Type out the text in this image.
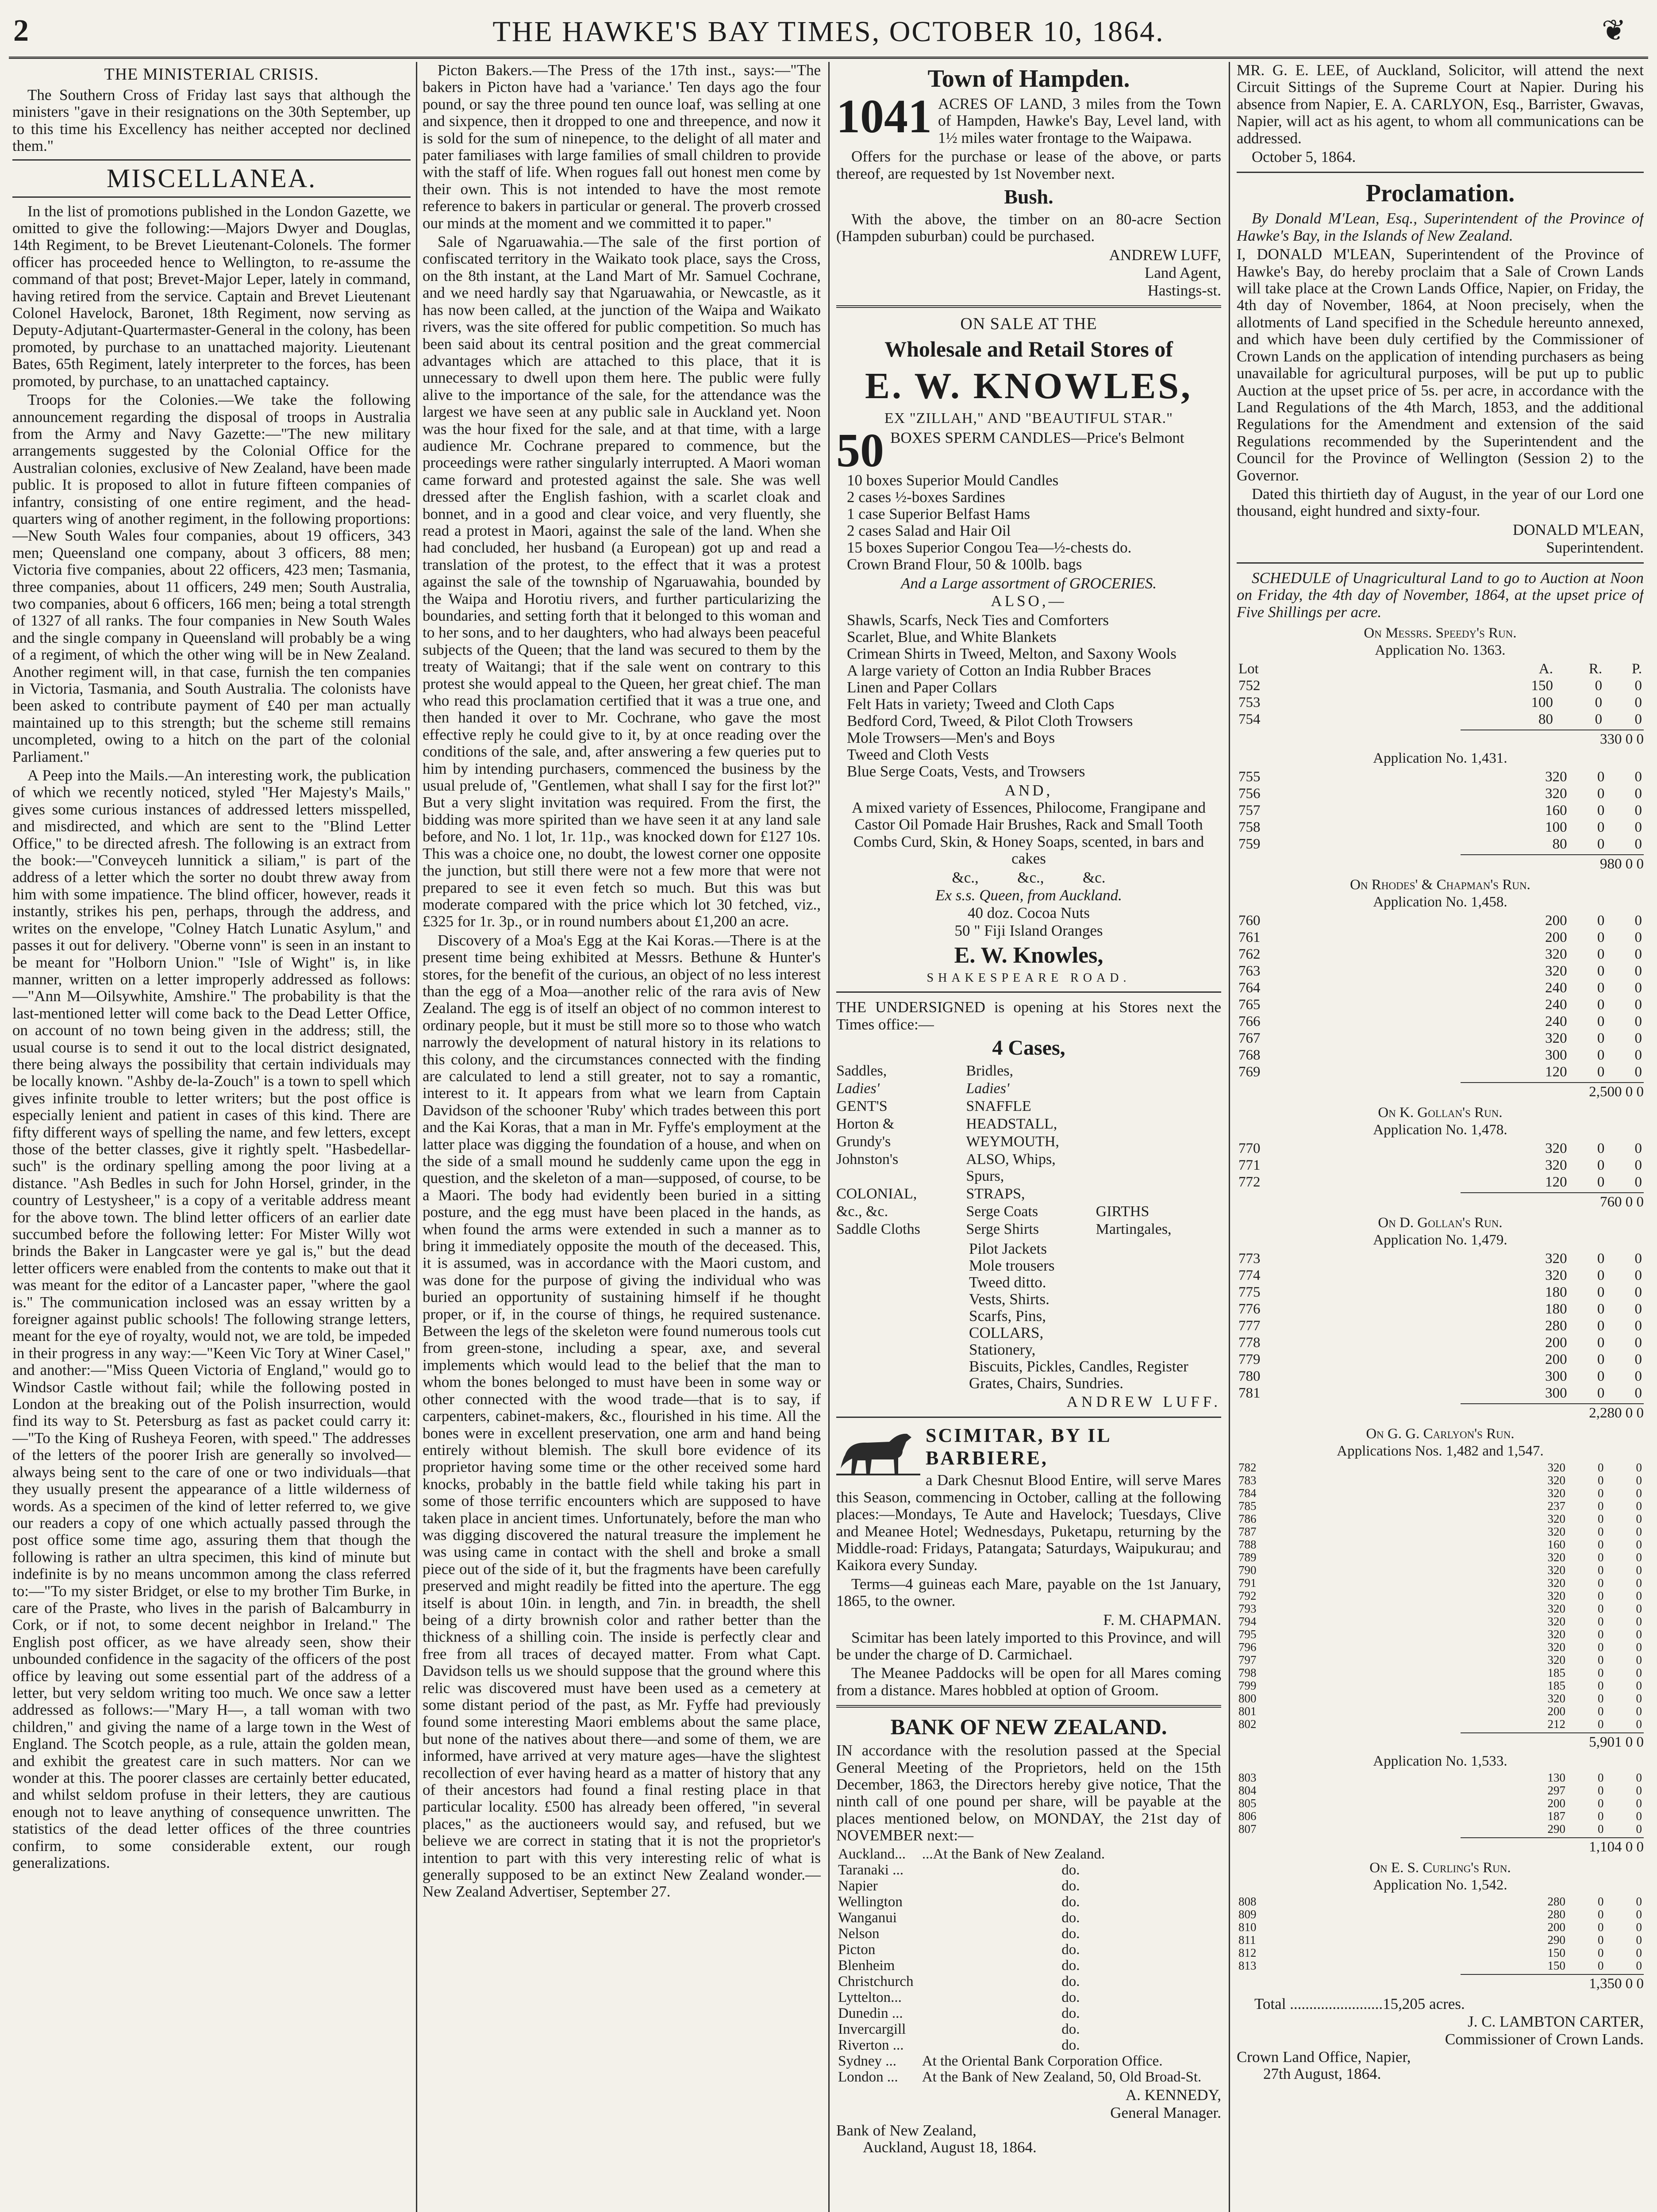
2	THE HAWKE'S BAY TIMES, OCTOBER 10, 1864.	❦
THE MINISTERIAL CRISIS.

The Southern Cross of Friday last says that although the ministers "gave in their resignations on the 30th September, up to this time his Excellency has neither accepted nor declined them."

MISCELLANEA.

In the list of promotions published in the London Gazette, we omitted to give the following:—Majors Dwyer and Douglas, 14th Regiment, to be Brevet Lieutenant-Colonels. The former officer has proceeded hence to Wellington, to re-assume the command of that post; Brevet-Major Leper, lately in command, having retired from the service. Captain and Brevet Lieutenant Colonel Havelock, Baronet, 18th Regiment, now serving as Deputy-Adjutant-Quartermaster-General in the colony, has been promoted, by purchase to an unattached majority. Lieutenant Bates, 65th Regiment, lately interpreter to the forces, has been promoted, by purchase, to an unattached captaincy.

Troops for the Colonies.—We take the following announcement regarding the disposal of troops in Australia from the Army and Navy Gazette:—"The new military arrangements suggested by the Colonial Office for the Australian colonies, exclusive of New Zealand, have been made public. It is proposed to allot in future fifteen companies of infantry, consisting of one entire regiment, and the head-quarters wing of another regiment, in the following proportions:—New South Wales four companies, about 19 officers, 343 men; Queensland one company, about 3 officers, 88 men; Victoria five companies, about 22 officers, 423 men; Tasmania, three companies, about 11 officers, 249 men; South Australia, two companies, about 6 officers, 166 men; being a total strength of 1327 of all ranks. The four companies in New South Wales and the single company in Queensland will probably be a wing of a regiment, of which the other wing will be in New Zealand. Another regiment will, in that case, furnish the ten companies in Victoria, Tasmania, and South Australia. The colonists have been asked to contribute payment of £40 per man actually maintained up to this strength; but the scheme still remains uncompleted, owing to a hitch on the part of the colonial Parliament."

A Peep into the Mails.—An interesting work, the publication of which we recently noticed, styled "Her Majesty's Mails," gives some curious instances of addressed letters misspelled, and misdirected, and which are sent to the "Blind Letter Office," to be directed afresh. The following is an extract from the book:—"Conveyceh lunnitick a siliam," is part of the address of a letter which the sorter no doubt threw away from him with some impatience. The blind officer, however, reads it instantly, strikes his pen, perhaps, through the address, and writes on the envelope, "Colney Hatch Lunatic Asylum," and passes it out for delivery. "Oberne vonn" is seen in an instant to be meant for "Holborn Union." "Isle of Wight" is, in like manner, written on a letter improperly addressed as follows:—"Ann M—Oilsywhite, Amshire." The probability is that the last-mentioned letter will come back to the Dead Letter Office, on account of no town being given in the address; still, the usual course is to send it out to the local district designated, there being always the possibility that certain individuals may be locally known. "Ashby de-la-Zouch" is a town to spell which gives infinite trouble to letter writers; but the post office is especially lenient and patient in cases of this kind. There are fifty different ways of spelling the name, and few letters, except those of the better classes, give it rightly spelt. "Hasbedellar-such" is the ordinary spelling among the poor living at a distance. "Ash Bedles in such for John Horsel, grinder, in the country of Lestysheer," is a copy of a veritable address meant for the above town. The blind letter officers of an earlier date succumbed before the following letter: For Mister Willy wot brinds the Baker in Langcaster were ye gal is," but the dead letter officers were enabled from the contents to make out that it was meant for the editor of a Lancaster paper, "where the gaol is." The communication inclosed was an essay written by a foreigner against public schools! The following strange letters, meant for the eye of royalty, would not, we are told, be impeded in their progress in any way:—"Keen Vic Tory at Winer Casel," and another:—"Miss Queen Victoria of England," would go to Windsor Castle without fail; while the following posted in London at the breaking out of the Polish insurrection, would find its way to St. Petersburg as fast as packet could carry it:—"To the King of Rusheya Feoren, with speed." The addresses of the letters of the poorer Irish are generally so involved—always being sent to the care of one or two individuals—that they usually present the appearance of a little wilderness of words. As a specimen of the kind of letter referred to, we give our readers a copy of one which actually passed through the post office some time ago, assuring them that though the following is rather an ultra specimen, this kind of minute but indefinite is by no means uncommon among the class referred to:—"To my sister Bridget, or else to my brother Tim Burke, in care of the Praste, who lives in the parish of Balcamburry in Cork, or if not, to some decent neighbor in Ireland." The English post officer, as we have already seen, show their unbounded confidence in the sagacity of the officers of the post office by leaving out some essential part of the address of a letter, but very seldom writing too much. We once saw a letter addressed as follows:—"Mary H—, a tall woman with two children," and giving the name of a large town in the West of England. The Scotch people, as a rule, attain the golden mean, and exhibit the greatest care in such matters. Nor can we wonder at this. The poorer classes are certainly better educated, and whilst seldom profuse in their letters, they are cautious enough not to leave anything of consequence unwritten. The statistics of the dead letter offices of the three countries confirm, to some considerable extent, our rough generalizations.

Picton Bakers.—The Press of the 17th inst., says:—"The bakers in Picton have had a 'variance.' Ten days ago the four pound, or say the three pound ten ounce loaf, was selling at one and sixpence, then it dropped to one and threepence, and now it is sold for the sum of ninepence, to the delight of all mater and pater familiases with large families of small children to provide with the staff of life. When rogues fall out honest men come by their own. This is not intended to have the most remote reference to bakers in particular or general. The proverb crossed our minds at the moment and we committed it to paper."

Sale of Ngaruawahia.—The sale of the first portion of confiscated territory in the Waikato took place, says the Cross, on the 8th instant, at the Land Mart of Mr. Samuel Cochrane, and we need hardly say that Ngaruawahia, or Newcastle, as it has now been called, at the junction of the Waipa and Waikato rivers, was the site offered for public competition. So much has been said about its central position and the great commercial advantages which are attached to this place, that it is unnecessary to dwell upon them here. The public were fully alive to the importance of the sale, for the attendance was the largest we have seen at any public sale in Auckland yet. Noon was the hour fixed for the sale, and at that time, with a large audience Mr. Cochrane prepared to commence, but the proceedings were rather singularly interrupted. A Maori woman came forward and protested against the sale. She was well dressed after the English fashion, with a scarlet cloak and bonnet, and in a good and clear voice, and very fluently, she read a protest in Maori, against the sale of the land. When she had concluded, her husband (a European) got up and read a translation of the protest, to the effect that it was a protest against the sale of the township of Ngaruawahia, bounded by the Waipa and Horotiu rivers, and further particularizing the boundaries, and setting forth that it belonged to this woman and to her sons, and to her daughters, who had always been peaceful subjects of the Queen; that the land was secured to them by the treaty of Waitangi; that if the sale went on contrary to this protest she would appeal to the Queen, her great chief. The man who read this proclamation certified that it was a true one, and then handed it over to Mr. Cochrane, who gave the most effective reply he could give to it, by at once reading over the conditions of the sale, and, after answering a few queries put to him by intending purchasers, commenced the business by the usual prelude of, "Gentlemen, what shall I say for the first lot?" But a very slight invitation was required. From the first, the bidding was more spirited than we have seen it at any land sale before, and No. 1 lot, 1r. 11p., was knocked down for £127 10s. This was a choice one, no doubt, the lowest corner one opposite the junction, but still there were not a few more that were not prepared to see it even fetch so much. But this was but moderate compared with the price which lot 30 fetched, viz., £325 for 1r. 3p., or in round numbers about £1,200 an acre.

Discovery of a Moa's Egg at the Kai Koras.—There is at the present time being exhibited at Messrs. Bethune & Hunter's stores, for the benefit of the curious, an object of no less interest than the egg of a Moa—another relic of the rara avis of New Zealand. The egg is of itself an object of no common interest to ordinary people, but it must be still more so to those who watch narrowly the development of natural history in its relations to this colony, and the circumstances connected with the finding are calculated to lend a still greater, not to say a romantic, interest to it. It appears from what we learn from Captain Davidson of the schooner 'Ruby' which trades between this port and the Kai Koras, that a man in Mr. Fyffe's employment at the latter place was digging the foundation of a house, and when on the side of a small mound he suddenly came upon the egg in question, and the skeleton of a man—supposed, of course, to be a Maori. The body had evidently been buried in a sitting posture, and the egg must have been placed in the hands, as when found the arms were extended in such a manner as to bring it immediately opposite the mouth of the deceased. This, it is assumed, was in accordance with the Maori custom, and was done for the purpose of giving the individual who was buried an opportunity of sustaining himself if he thought proper, or if, in the course of things, he required sustenance. Between the legs of the skeleton were found numerous tools cut from green-stone, including a spear, axe, and several implements which would lead to the belief that the man to whom the bones belonged to must have been in some way or other connected with the wood trade—that is to say, if carpenters, cabinet-makers, &c., flourished in his time. All the bones were in excellent preservation, one arm and hand being entirely without blemish. The skull bore evidence of its proprietor having some time or the other received some hard knocks, probably in the battle field while taking his part in some of those terrific encounters which are supposed to have taken place in ancient times. Unfortunately, before the man who was digging discovered the natural treasure the implement he was using came in contact with the shell and broke a small piece out of the side of it, but the fragments have been carefully preserved and might readily be fitted into the aperture. The egg itself is about 10in. in length, and 7in. in breadth, the shell being of a dirty brownish color and rather better than the thickness of a shilling coin. The inside is perfectly clear and free from all traces of decayed matter. From what Capt. Davidson tells us we should suppose that the ground where this relic was discovered must have been used as a cemetery at some distant period of the past, as Mr. Fyffe had previously found some interesting Maori emblems about the same place, but none of the natives about there—and some of them, we are informed, have arrived at very mature ages—have the slightest recollection of ever having heard as a matter of history that any of their ancestors had found a final resting place in that particular locality. £500 has already been offered, "in several places," as the auctioneers would say, and refused, but we believe we are correct in stating that it is not the proprietor's intention to part with this very interesting relic of what is generally supposed to be an extinct New Zealand wonder.—New Zealand Advertiser, September 27.

Town of Hampden.
1041 ACRES OF LAND, 3 miles from the Town of Hampden, Hawke's Bay, Level land, with 1½ miles water frontage to the Waipawa.

Offers for the purchase or lease of the above, or parts thereof, are requested by 1st November next.

Bush.

With the above, the timber on an 80-acre Section (Hampden suburban) could be purchased.

ANDREW LUFF,
Land Agent,
Hastings-st.
ON SALE AT THE
Wholesale and Retail Stores of
E. W. KNOWLES,
EX "ZILLAH," AND "BEAUTIFUL STAR."
50 BOXES SPERM CANDLES—Price's Belmont

10 boxes Superior Mould Candles
2 cases ½-boxes Sardines
1 case Superior Belfast Hams
2 cases Salad and Hair Oil
15 boxes Superior Congou Tea—½-chests do.
Crown Brand Flour, 50 & 100lb. bags
And a Large assortment of GROCERIES.
ALSO,—
Shawls, Scarfs, Neck Ties and Comforters
Scarlet, Blue, and White Blankets
Crimean Shirts in Tweed, Melton, and Saxony Wools
A large variety of Cotton an India Rubber Braces
Linen and Paper Collars
Felt Hats in variety; Tweed and Cloth Caps
Bedford Cord, Tweed, & Pilot Cloth Trowsers
Mole Trowsers—Men's and Boys
Tweed and Cloth Vests
Blue Serge Coats, Vests, and Trowsers
AND,

A mixed variety of Essences, Philocome, Frangipane and Castor Oil Pomade Hair Brushes, Rack and Small Tooth Combs Curd, Skin, & Honey Soaps, scented, in bars and cakes

&c.,          &c.,          &c.
Ex s.s. Queen, from Auckland.
40 doz. Cocoa Nuts
50 " Fiji Island Oranges
E. W. Knowles,
SHAKESPEARE ROAD.

THE UNDERSIGNED is opening at his Stores next the Times office:—

4 Cases,
Saddles,	Bridles,
Ladies'	Ladies'
GENT'S	SNAFFLE
Horton &	HEADSTALL,
Grundy's	WEYMOUTH,
Johnston's	ALSO, Whips, Spurs,
COLONIAL,	STRAPS,
&c., &c.	Serge Coats	GIRTHS
Saddle Cloths	Serge Shirts	Martingales,
Pilot Jackets
Mole trousers
Tweed ditto.
Vests, Shirts.
Scarfs, Pins,
COLLARS,
Stationery,
Biscuits, Pickles, Candles, Register Grates, Chairs, Sundries.
ANDREW LUFF.
SCIMITAR, BY IL BARBIERE,

a Dark Chesnut Blood Entire, will serve Mares this Season, commencing in October, calling at the following places:—Mondays, Te Aute and Havelock; Tuesdays, Clive and Meanee Hotel; Wednesdays, Puketapu, returning by the Middle-road: Fridays, Patangata; Saturdays, Waipukurau; and Kaikora every Sunday.

Terms—4 guineas each Mare, payable on the 1st January, 1865, to the owner.

F. M. CHAPMAN.

Scimitar has been lately imported to this Province, and will be under the charge of D. Carmichael.

The Meanee Paddocks will be open for all Mares coming from a distance. Mares hobbled at option of Groom.

BANK OF NEW ZEALAND.

IN accordance with the resolution passed at the Special General Meeting of the Proprietors, held on the 15th December, 1863, the Directors hereby give notice, That the ninth call of one pound per share, will be payable at the places mentioned below, on MONDAY, the 21st day of NOVEMBER next:—

Auckland...	...At the Bank of New Zealand.
Taranaki ...	do.
Napier	do.
Wellington	do.
Wanganui	do.
Nelson	do.
Picton	do.
Blenheim	do.
Christchurch	do.
Lyttelton...	do.
Dunedin ...	do.
Invercargill	do.
Riverton ...	do.
Sydney ...	At the Oriental Bank Corporation Office.
London ...	At the Bank of New Zealand, 50, Old Broad-St.
A. KENNEDY,
General Manager.
Bank of New Zealand,
Auckland, August 18, 1864.

MR. G. E. LEE, of Auckland, Solicitor, will attend the next Circuit Sittings of the Supreme Court at Napier. During his absence from Napier, E. A. CARLYON, Esq., Barrister, Gwavas, Napier, will act as his agent, to whom all communications can be addressed.

October 5, 1864.

Proclamation.

By Donald M'Lean, Esq., Superintendent of the Province of Hawke's Bay, in the Islands of New Zealand.

I, DONALD M'LEAN, Superintendent of the Province of Hawke's Bay, do hereby proclaim that a Sale of Crown Lands will take place at the Crown Lands Office, Napier, on Friday, the 4th day of November, 1864, at Noon precisely, when the allotments of Land specified in the Schedule hereunto annexed, and which have been duly certified by the Commissioner of Crown Lands on the application of intending purchasers as being unavailable for agricultural purposes, will be put up to public Auction at the upset price of 5s. per acre, in accordance with the Land Regulations of the 4th March, 1853, and the additional Regulations for the Amendment and extension of the said Regulations recommended by the Superintendent and the Council for the Province of Wellington (Session 2) to the Governor.

Dated this thirtieth day of August, in the year of our Lord one thousand, eight hundred and sixty-four.

DONALD M'LEAN,
Superintendent.

SCHEDULE of Unagricultural Land to go to Auction at Noon on Friday, the 4th day of November, 1864, at the upset price of Five Shillings per acre.

On Messrs. Speedy's Run.
Application No. 1363.
Lot	A.	R.	P.
752	150	0	0
753	100	0	0
754	80	0	0
330 0 0
Application No. 1,431.
755	320	0	0
756	320	0	0
757	160	0	0
758	100	0	0
759	80	0	0
980 0 0
On Rhodes' & Chapman's Run.
Application No. 1,458.
760	200	0	0
761	200	0	0
762	320	0	0
763	320	0	0
764	240	0	0
765	240	0	0
766	240	0	0
767	320	0	0
768	300	0	0
769	120	0	0
2,500 0 0
On K. Gollan's Run.
Application No. 1,478.
770	320	0	0
771	320	0	0
772	120	0	0
760 0 0
On D. Gollan's Run.
Application No. 1,479.
773	320	0	0
774	320	0	0
775	180	0	0
776	180	0	0
777	280	0	0
778	200	0	0
779	200	0	0
780	300	0	0
781	300	0	0
2,280 0 0
On G. G. Carlyon's Run.
Applications Nos. 1,482 and 1,547.
782	320	0	0
783	320	0	0
784	320	0	0
785	237	0	0
786	320	0	0
787	320	0	0
788	160	0	0
789	320	0	0
790	320	0	0
791	320	0	0
792	320	0	0
793	320	0	0
794	320	0	0
795	320	0	0
796	320	0	0
797	320	0	0
798	185	0	0
799	185	0	0
800	320	0	0
801	200	0	0
802	212	0	0
5,901 0 0
Application No. 1,533.
803	130	0	0
804	297	0	0
805	200	0	0
806	187	0	0
807	290	0	0
1,104 0 0
On E. S. Curling's Run.
Application No. 1,542.
808	280	0	0
809	280	0	0
810	200	0	0
811	290	0	0
812	150	0	0
813	150	0	0
1,350 0 0
Total ........................15,205 acres.
J. C. LAMBTON CARTER,
Commissioner of Crown Lands.
Crown Land Office, Napier,
27th August, 1864.
